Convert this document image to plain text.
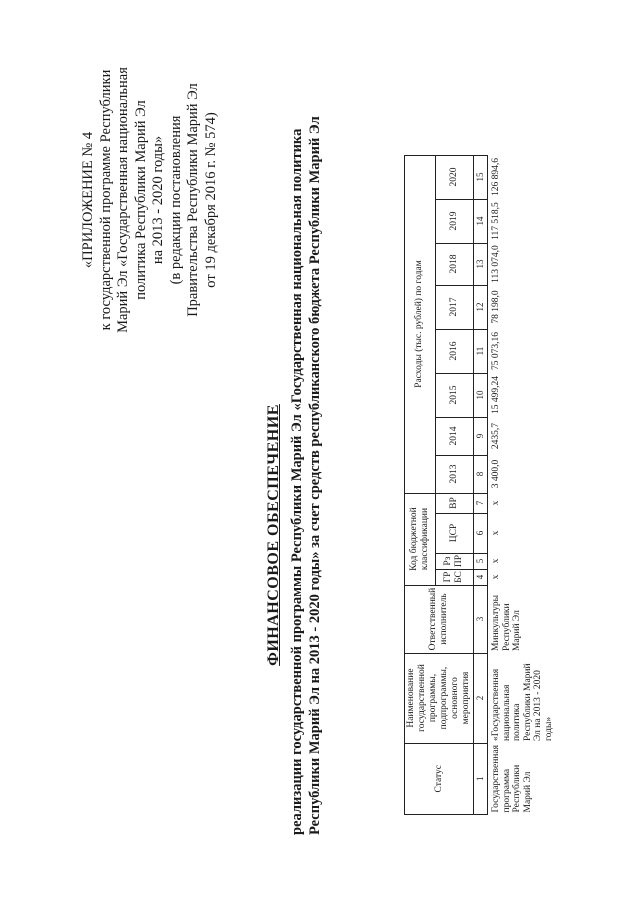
«ПРИЛОЖЕНИЕ № 4 к государственной программе Республики Марий Эл «Государственная национальная политика Республики Марий Эл на 2013 - 2020 годы» (в редакции постановления Правительства Республики Марий Эл от 19 декабря 2016 г. № 574)
ФИНАНСОВОЕ ОБЕСПЕЧЕНИЕ реализации государственной программы Республики Марий Эл «Государственная национальная политика Республики Марий Эл на 2013 - 2020 годы» за счет средств республиканского бюджета Республики Марий Эл	Статус	Наименование государственной программы, подпрограммы, основного мероприятия	Ответственный исполнитель	Код бюджетной классификации				Расходы (тыс. рублей) по годам							
			ГР БС	Рз ПР	ЦСР	ВР	2013	2014	2015	2016	2017	2018	2019	2020
1	2	3	4	5	6	7	8	9	10	11	12	13	14	15
Государственная программа Республики Марий Эл	«Государственная национальная политика Республики Марий Эл на 2013 - 2020 годы»	Минкультуры Республики Марий Эл	х	х	х	х	3 400,0	2435,7	15 499,24	75 073,16	78 198,0	113 074,0	117 518,5	126 894,6
